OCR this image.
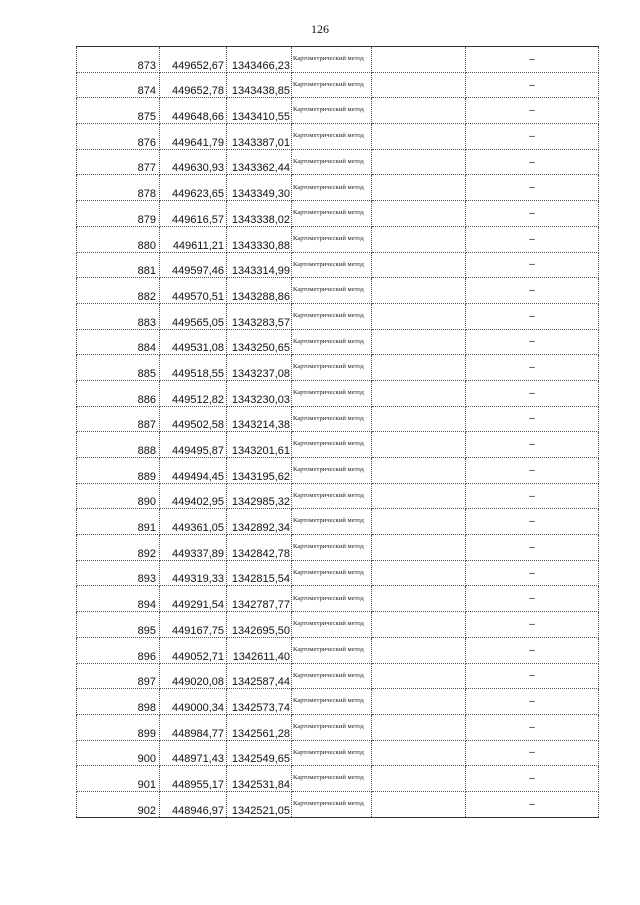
126
873	449652,67	1343466,23	Картометрический метод		–
874	449652,78	1343438,85	Картометрический метод		–
875	449648,66	1343410,55	Картометрический метод		–
876	449641,79	1343387,01	Картометрический метод		–
877	449630,93	1343362,44	Картометрический метод		–
878	449623,65	1343349,30	Картометрический метод		–
879	449616,57	1343338,02	Картометрический метод		–
880	449611,21	1343330,88	Картометрический метод		–
881	449597,46	1343314,99	Картометрический метод		–
882	449570,51	1343288,86	Картометрический метод		–
883	449565,05	1343283,57	Картометрический метод		–
884	449531,08	1343250,65	Картометрический метод		–
885	449518,55	1343237,08	Картометрический метод		–
886	449512,82	1343230,03	Картометрический метод		–
887	449502,58	1343214,38	Картометрический метод		–
888	449495,87	1343201,61	Картометрический метод		–
889	449494,45	1343195,62	Картометрический метод		–
890	449402,95	1342985,32	Картометрический метод		–
891	449361,05	1342892,34	Картометрический метод		–
892	449337,89	1342842,78	Картометрический метод		–
893	449319,33	1342815,54	Картометрический метод		–
894	449291,54	1342787,77	Картометрический метод		–
895	449167,75	1342695,50	Картометрический метод		–
896	449052,71	1342611,40	Картометрический метод		–
897	449020,08	1342587,44	Картометрический метод		–
898	449000,34	1342573,74	Картометрический метод		–
899	448984,77	1342561,28	Картометрический метод		–
900	448971,43	1342549,65	Картометрический метод		–
901	448955,17	1342531,84	Картометрический метод		–
902	448946,97	1342521,05	Картометрический метод		–
